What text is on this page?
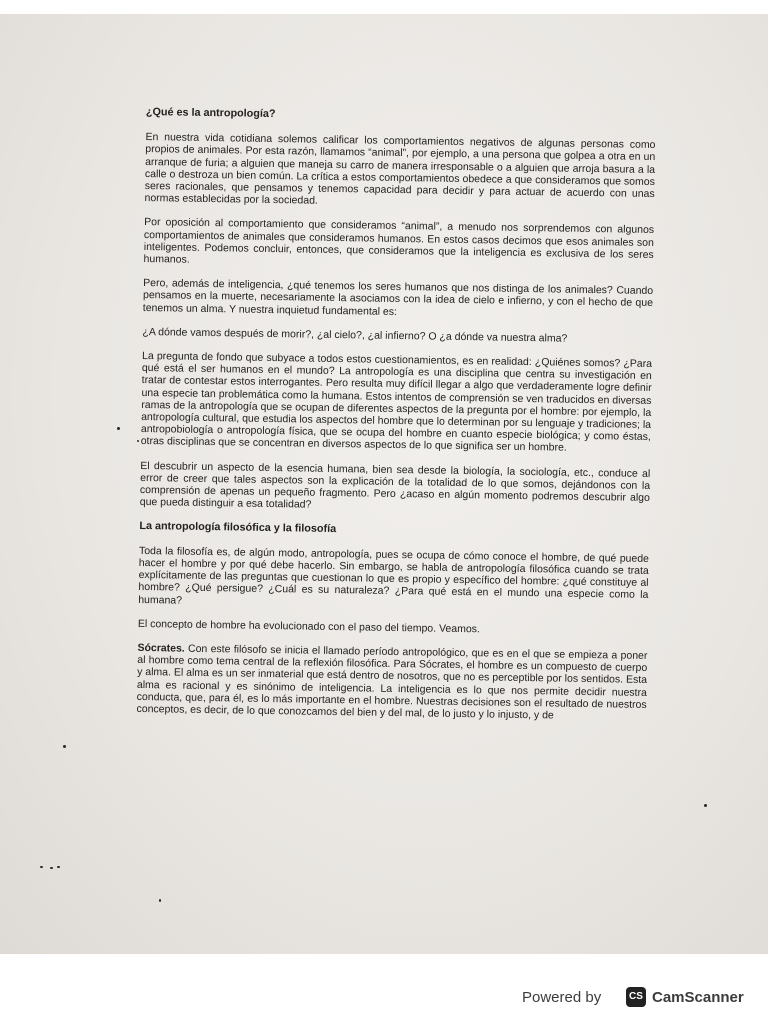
¿Qué es la antropología?

En nuestra vida cotidiana solemos calificar los comportamientos negativos de algunas personas como propios de animales. Por esta razón, llamamos “animal”, por ejemplo, a una persona que golpea a otra en un arranque de furia; a alguien que maneja su carro de manera irresponsable o a alguien que arroja basura a la calle o destroza un bien común. La crítica a estos comportamientos obedece a que consideramos que somos seres racionales, que pensamos y tenemos capacidad para decidir y para actuar de acuerdo con unas normas establecidas por la sociedad.

Por oposición al comportamiento que consideramos “animal”, a menudo nos sorprendemos con algunos comportamientos de animales que consideramos humanos. En estos casos decimos que esos animales son inteligentes. Podemos concluir, entonces, que consideramos que la inteligencia es exclusiva de los seres humanos.

Pero, además de inteligencia, ¿qué tenemos los seres humanos que nos distinga de los animales? Cuando pensamos en la muerte, necesariamente la asociamos con la idea de cielo e infierno, y con el hecho de que tenemos un alma. Y nuestra inquietud fundamental es:

¿A dónde vamos después de morir?, ¿al cielo?, ¿al infierno? O ¿a dónde va nuestra alma?

La pregunta de fondo que subyace a todos estos cuestionamientos, es en realidad: ¿Quiénes somos? ¿Para qué está el ser humanos en el mundo? La antropología es una disciplina que centra su investigación en tratar de contestar estos interrogantes. Pero resulta muy difícil llegar a algo que verdaderamente logre definir una especie tan problemática como la humana. Estos intentos de comprensión se ven traducidos en diversas ramas de la antropología que se ocupan de diferentes aspectos de la pregunta por el hombre: por ejemplo, la antropología cultural, que estudia los aspectos del hombre que lo determinan por su lenguaje y tradiciones; la antropobiología o antropología física, que se ocupa del hombre en cuanto especie biológica; y como éstas, otras disciplinas que se concentran en diversos aspectos de lo que significa ser un hombre.

El descubrir un aspecto de la esencia humana, bien sea desde la biología, la sociología, etc., conduce al error de creer que tales aspectos son la explicación de la totalidad de lo que somos, dejándonos con la comprensión de apenas un pequeño fragmento. Pero ¿acaso en algún momento podremos descubrir algo que pueda distinguir a esa totalidad?

La antropología filosófica y la filosofía

Toda la filosofía es, de algún modo, antropología, pues se ocupa de cómo conoce el hombre, de qué puede hacer el hombre y por qué debe hacerlo. Sin embargo, se habla de antropología filosófica cuando se trata explícitamente de las preguntas que cuestionan lo que es propio y específico del hombre: ¿qué constituye al hombre? ¿Qué persigue? ¿Cuál es su naturaleza? ¿Para qué está en el mundo una especie como la humana?

El concepto de hombre ha evolucionado con el paso del tiempo. Veamos.

Sócrates. Con este filósofo se inicia el llamado período antropológico, que es en el que se empieza a poner al hombre como tema central de la reflexión filosófica. Para Sócrates, el hombre es un compuesto de cuerpo y alma. El alma es un ser inmaterial que está dentro de nosotros, que no es perceptible por los sentidos. Esta alma es racional y es sinónimo de inteligencia. La inteligencia es lo que nos permite decidir nuestra conducta, que, para él, es lo más importante en el hombre. Nuestras decisiones son el resultado de nuestros conceptos, es decir, de lo que conozcamos del bien y del mal, de lo justo y lo injusto, y de

Powered by	CS CamScanner
